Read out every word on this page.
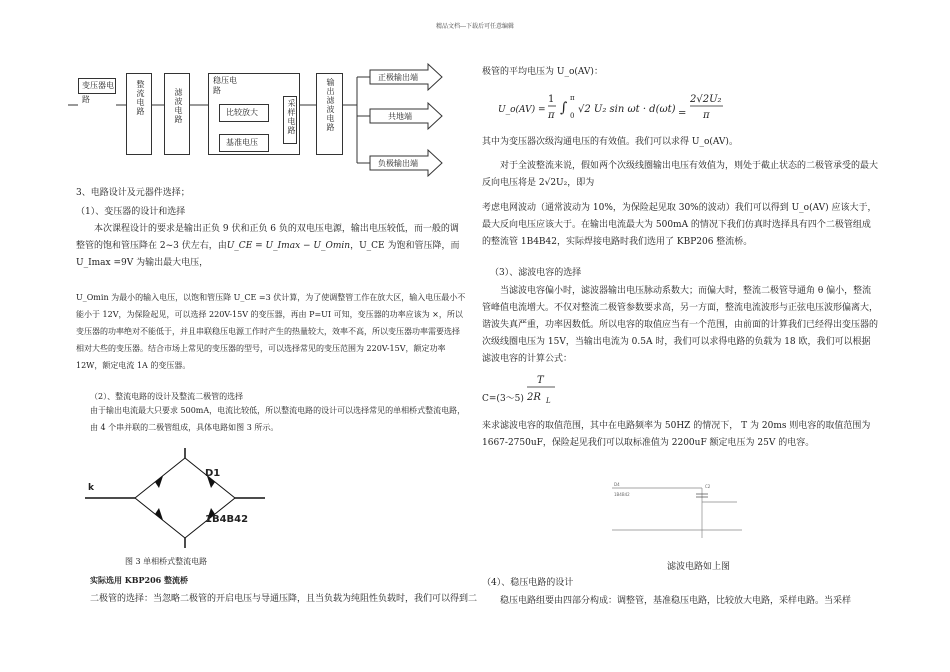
精品文档---下载后可任意编辑
变压器电路	整流电路	滤波电路
稳压电路
比较放大
基准电压
采样电路	输出滤波电路
正极输出端
共地端
负极输出端
3、电路设计及元器件选择；
（1）、变压器的设计和选择
本次课程设计的要求是输出正负 9 伏和正负 6 负的双电压电源，输出电压较低，而一般的调整管的饱和管压降在 2~3 伏左右，由U_CE = U_Imax − U_Omin，U_CE 为饱和管压降，而U_Imax =9V 为输出最大电压，
U_Omin 为最小的输入电压，以饱和管压降 U_CE =3 伏计算，为了使调整管工作在放大区，输入电压最小不能小于 12V，为保险起见，可以选择 220V-15V 的变压器，再由 P=UI 可知，变压器的功率应该为 ×，所以变压器的功率绝对不能低于，并且串联稳压电源工作时产生的热量较大，效率不高，所以变压器功率需要选择相对大些的变压器。结合市场上常见的变压器的型号，可以选择常见的变压范围为 220V-15V，额定功率 12W，额定电流 1A 的变压器。
（2）、整流电路的设计及整流二极管的选择
由于输出电流最大只要求 500mA，电流比较低，所以整流电路的设计可以选择常见的单相桥式整流电路，由 4 个串并联的二极管组成，具体电路如图 3 所示。
k
D1
1B4B42
图 3 单相桥式整流电路
实际选用 KBP206 整流桥
二极管的选择：当忽略二极管的开启电压与导通压降，且当负载为纯阻性负载时，我们可以得到二
极管的平均电压为 U_o(AV)：
U_o(AV) =
1
π ∫
π
0
√2 U₂ sin ωt · d(ωt) =
2√2U₂
π
其中为变压器次级沟通电压的有效值。我们可以求得 U_o(AV)。
对于全波整流来说，假如两个次级线圈输出电压有效值为，则处于截止状态的二极管承受的最大反向电压将是 2√2U₂，即为
考虑电网波动（通常波动为 10%，为保险起见取 30%的波动）我们可以得到 U_o(AV) 应该大于，最大反向电压应该大于。在输出电流最大为 500mA 的情况下我们仿真时选择具有四个二极管组成的整流管 1B4B42，实际焊接电路时我们选用了 KBP206 整流桥。
（3）、滤波电容的选择
当滤波电容偏小时，滤波器输出电压脉动系数大；而偏大时，整流二极管导通角 θ 偏小，整流管峰值电流增大。不仅对整流二极管参数要求高，另一方面，整流电流波形与正弦电压波形偏离大，谐波失真严重，功率因数低。所以电容的取值应当有一个范围，由前面的计算我们已经得出变压器的次级线圈电压为 15V，当输出电流为 0.5A 时，我们可以求得电路的负载为 18 欧，我们可以根据滤波电容的计算公式：
C=(3～5)
T
2R L
来求滤波电容的取值范围，其中在电路频率为 50HZ 的情况下， T 为 20ms 则电容的取值范围为 1667-2750uF，保险起见我们可以取标准值为 2200uF 额定电压为 25V 的电容。
D4
1B4B42
C2
滤波电路如上图
（4）、稳压电路的设计
稳压电路组要由四部分构成：调整管，基准稳压电路，比较放大电路，采样电路。当采样
